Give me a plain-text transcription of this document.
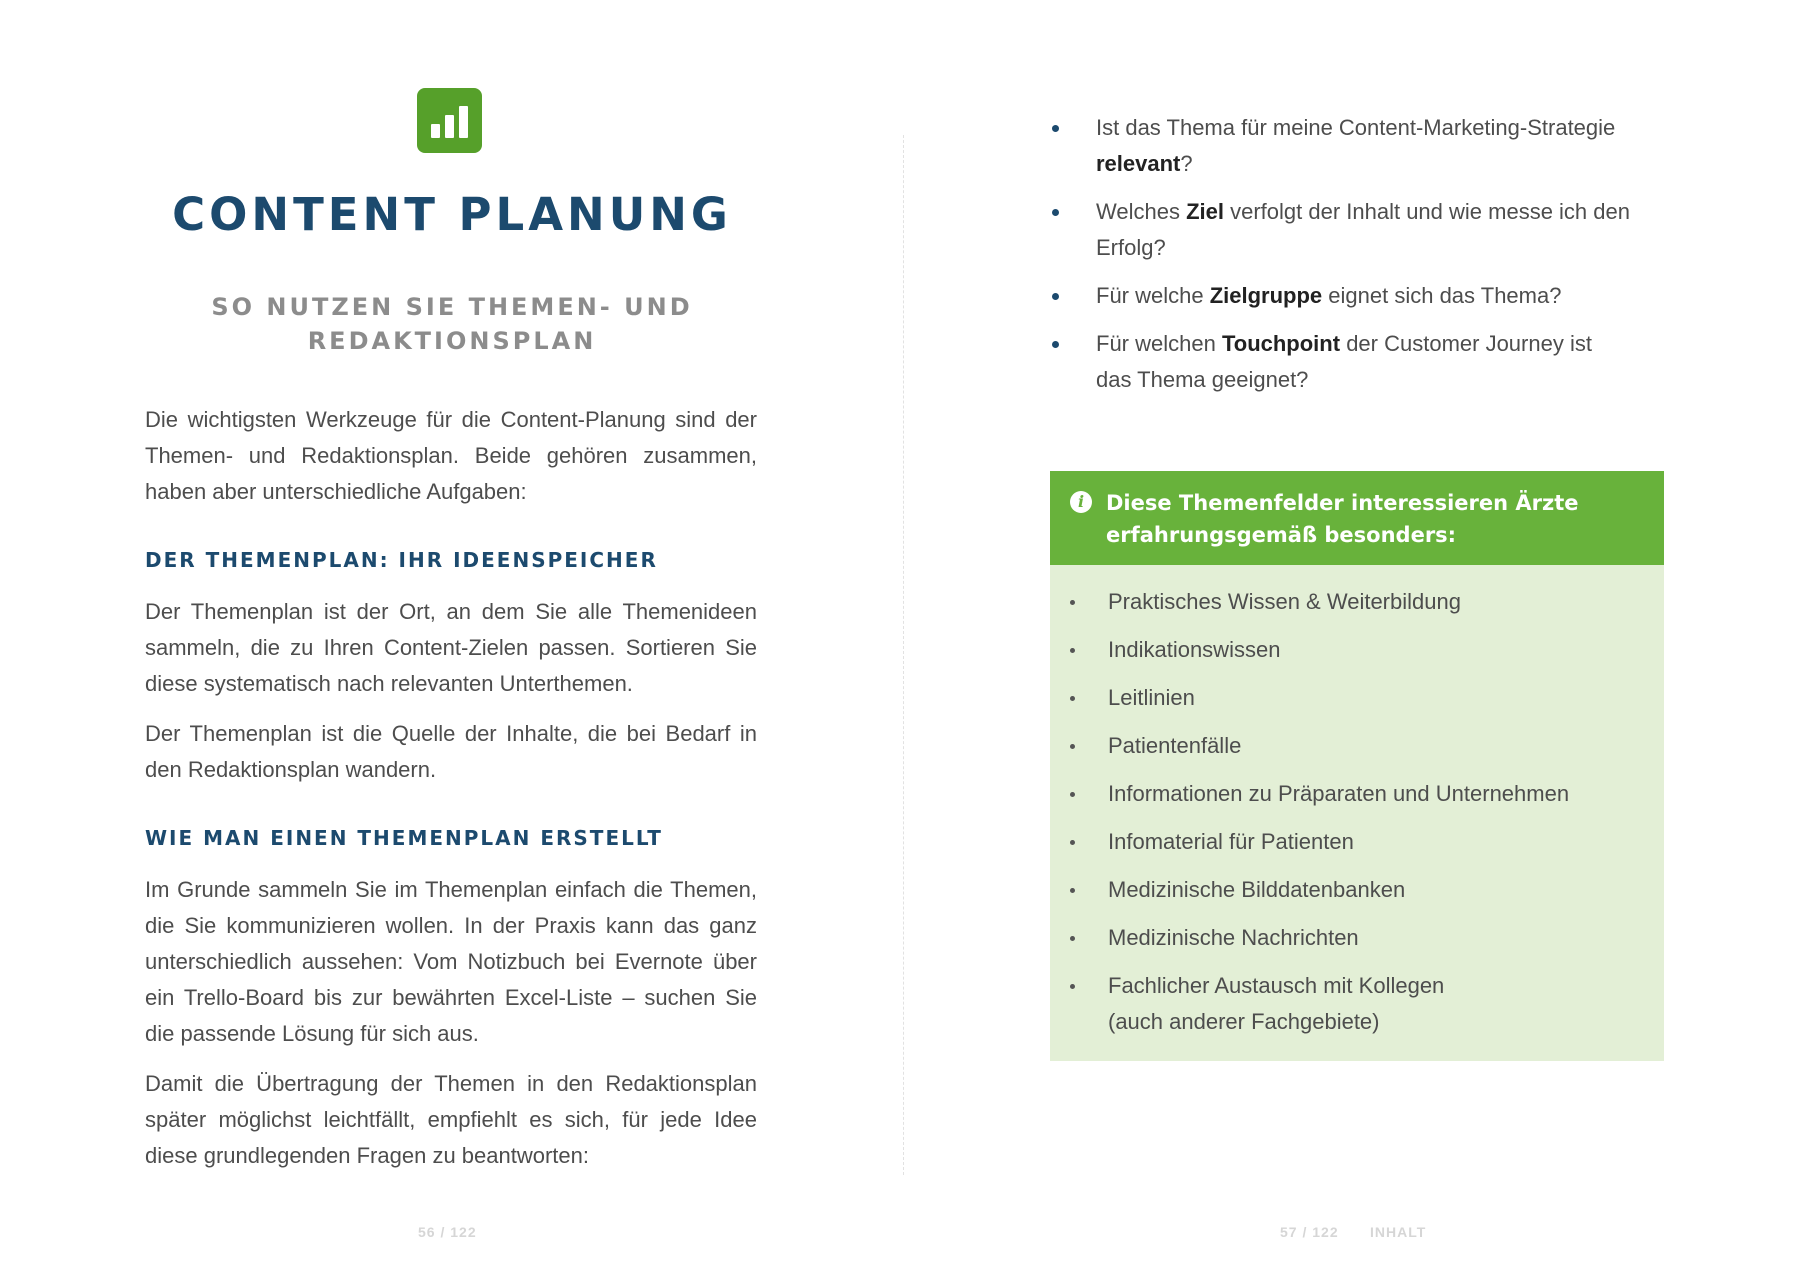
CONTENT PLANUNG
SO NUTZEN SIE THEMEN- UND
REDAKTIONSPLAN

Die wichtigsten Werkzeuge für die Content-Planung sind der Themen- und Redaktionsplan. Beide gehören zusammen, haben aber unterschiedliche Aufgaben:

DER THEMENPLAN: IHR IDEENSPEICHER

Der Themenplan ist der Ort, an dem Sie alle Themenideen sammeln, die zu Ihren Content-Zielen passen. Sortieren Sie diese systematisch nach relevanten Unterthemen.

Der Themenplan ist die Quelle der Inhalte, die bei Bedarf in den Redaktionsplan wandern.

WIE MAN EINEN THEMENPLAN ERSTELLT

Im Grunde sammeln Sie im Themenplan einfach die Themen, die Sie kommunizieren wollen. In der Praxis kann das ganz unterschiedlich aussehen: Vom Notizbuch bei Evernote über ein Trello-Board bis zur bewährten Excel-Liste – suchen Sie die passende Lösung für sich aus.

Damit die Übertragung der Themen in den Redaktionsplan später möglichst leichtfällt, empfiehlt es sich, für jede Idee diese grundlegenden Fragen zu beantworten:

56 / 122
Ist das Thema für meine Content-Marketing-Strategie relevant?
Welches Ziel verfolgt der Inhalt und wie messe ich den Erfolg?
Für welche Zielgruppe eignet sich das Thema?
Für welchen Touchpoint der Customer Journey ist das Thema geeignet?
i	Diese Themenfelder interessieren Ärzte
erfahrungsgemäß besonders:

Praktisches Wissen & Weiterbildung
Indikationswissen
Leitlinien
Patientenfälle
Informationen zu Präparaten und Unternehmen
Infomaterial für Patienten
Medizinische Bilddatenbanken
Medizinische Nachrichten
Fachlicher Austausch mit Kollegen
(auch anderer Fachgebiete)
57 / 122 INHALT
